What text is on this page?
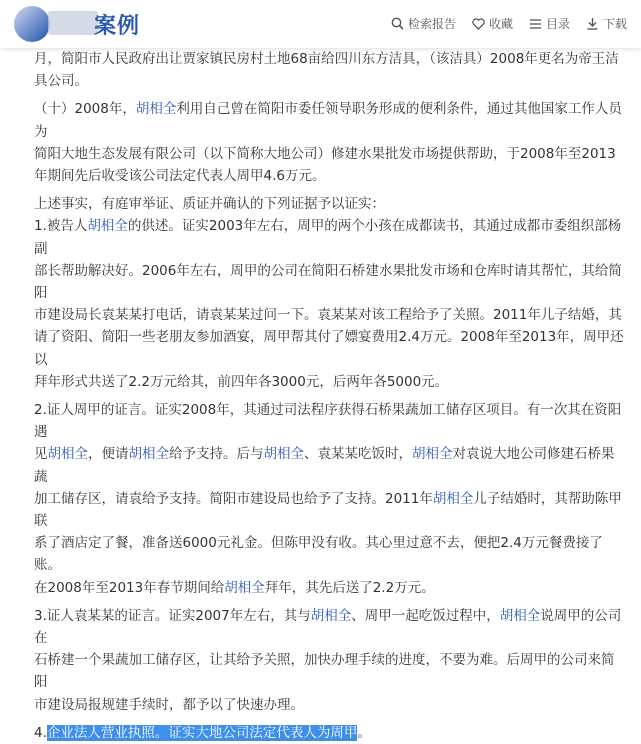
案例	检索报告	收藏	目录	下载

月，简阳市人民政府出让贾家镇民房村土地68亩给四川东方洁具，（该洁具）2008年更名为帝王洁
具公司。

（十）2008年，胡相全利用自己曾在简阳市委任领导职务形成的便利条件，通过其他国家工作人员为
简阳大地生态发展有限公司（以下简称大地公司）修建水果批发市场提供帮助，于2008年至2013
年期间先后收受该公司法定代表人周甲4.6万元。

上述事实，有庭审举证、质证并确认的下列证据予以证实：

1.被告人胡相全的供述。证实2003年左右，周甲的两个小孩在成都读书，其通过成都市委组织部杨副
部长帮助解决好。2006年左右，周甲的公司在简阳石桥建水果批发市场和仓库时请其帮忙，其给简阳
市建设局长袁某某打电话，请袁某某过问一下。袁某某对该工程给予了关照。2011年儿子结婚，其
请了资阳、简阳一些老朋友参加酒宴，周甲帮其付了嫖宴费用2.4万元。2008年至2013年，周甲还以
拜年形式共送了2.2万元给其，前四年各3000元，后两年各5000元。

2.证人周甲的证言。证实2008年，其通过司法程序获得石桥果蔬加工储存区项目。有一次其在资阳遇
见胡相全，便请胡相全给予支持。后与胡相全、袁某某吃饭时，胡相全对袁说大地公司修建石桥果蔬
加工储存区，请袁给予支持。简阳市建设局也给予了支持。2011年胡相全儿子结婚时，其帮助陈甲联
系了酒店定了餐，准备送6000元礼金。但陈甲没有收。其心里过意不去，便把2.4万元餐费接了账。
在2008年至2013年春节期间给胡相全拜年，其先后送了2.2万元。

3.证人袁某某的证言。证实2007年左右，其与胡相全、周甲一起吃饭过程中，胡相全说周甲的公司在
石桥建一个果蔬加工储存区，让其给予关照，加快办理手续的进度，不要为难。后周甲的公司来简阳
市建设局报规建手续时，都予以了快速办理。

4.企业法人营业执照。证实大地公司法定代表人为周甲。
